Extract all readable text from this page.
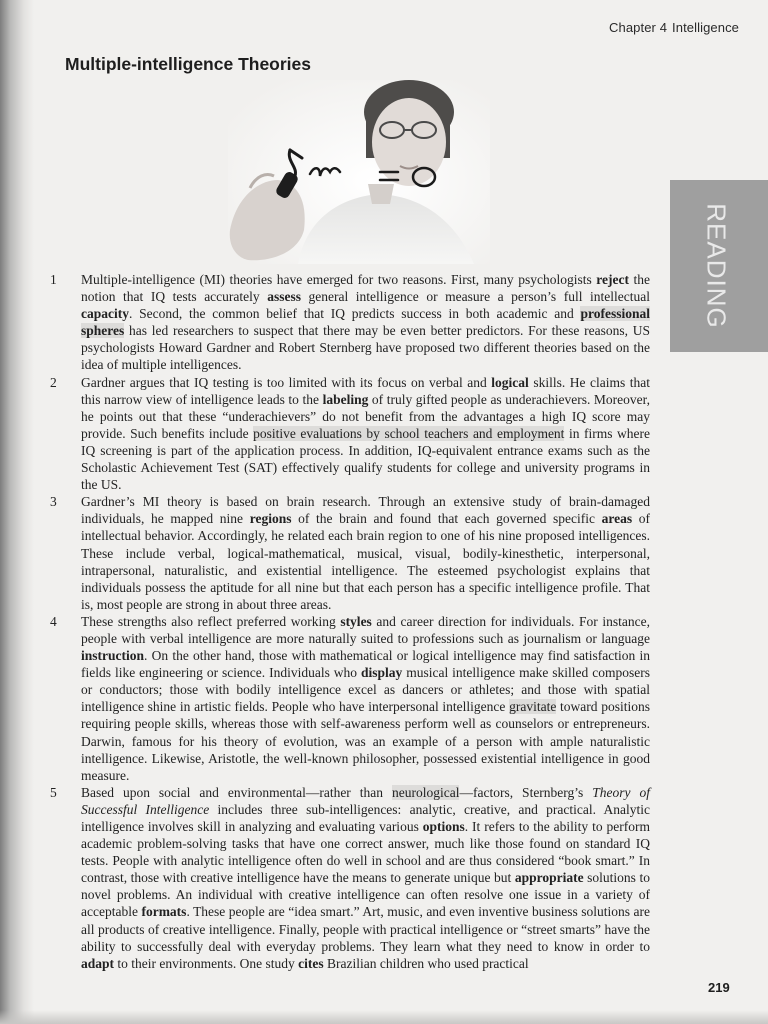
Chapter 4 Intelligence
Multiple-intelligence Theories
READING
1 Multiple-intelligence (MI) theories have emerged for two reasons. First, many psychologists reject the notion that IQ tests accurately assess general intelligence or measure a person’s full intellectual capacity. Second, the common belief that IQ predicts success in both academic and professional spheres has led researchers to suspect that there may be even better predictors. For these reasons, US psychologists Howard Gardner and Robert Sternberg have proposed two different theories based on the idea of multiple intelligences.
2 Gardner argues that IQ testing is too limited with its focus on verbal and logical skills. He claims that this narrow view of intelligence leads to the labeling of truly gifted people as underachievers. Moreover, he points out that these “underachievers” do not benefit from the advantages a high IQ score may provide. Such benefits include positive evaluations by school teachers and employment in firms where IQ screening is part of the application process. In addition, IQ-equivalent entrance exams such as the Scholastic Achievement Test (SAT) effectively qualify students for college and university programs in the US.
3 Gardner’s MI theory is based on brain research. Through an extensive study of brain-damaged individuals, he mapped nine regions of the brain and found that each governed specific areas of intellectual behavior. Accordingly, he related each brain region to one of his nine proposed intelligences. These include verbal, logical-mathematical, musical, visual, bodily-kinesthetic, interpersonal, intrapersonal, naturalistic, and existential intelligence. The esteemed psychologist explains that individuals possess the aptitude for all nine but that each person has a specific intelligence profile. That is, most people are strong in about three areas.
4 These strengths also reflect preferred working styles and career direction for individuals. For instance, people with verbal intelligence are more naturally suited to professions such as journalism or language instruction. On the other hand, those with mathematical or logical intelligence may find satisfaction in fields like engineering or science. Individuals who display musical intelligence make skilled composers or conductors; those with bodily intelligence excel as dancers or athletes; and those with spatial intelligence shine in artistic fields. People who have interpersonal intelligence gravitate toward positions requiring people skills, whereas those with self-awareness perform well as counselors or entrepreneurs. Darwin, famous for his theory of evolution, was an example of a person with ample naturalistic intelligence. Likewise, Aristotle, the well-known philosopher, possessed existential intelligence in good measure.
5 Based upon social and environmental—rather than neurological—factors, Sternberg’s Theory of Successful Intelligence includes three sub-intelligences: analytic, creative, and practical. Analytic intelligence involves skill in analyzing and evaluating various options. It refers to the ability to perform academic problem-solving tasks that have one correct answer, much like those found on standard IQ tests. People with analytic intelligence often do well in school and are thus considered “book smart.” In contrast, those with creative intelligence have the means to generate unique but appropriate solutions to novel problems. An individual with creative intelligence can often resolve one issue in a variety of acceptable formats. These people are “idea smart.” Art, music, and even inventive business solutions are all products of creative intelligence. Finally, people with practical intelligence or “street smarts” have the ability to successfully deal with everyday problems. They learn what they need to know in order to adapt to their environments. One study cites Brazilian children who used practical
219
